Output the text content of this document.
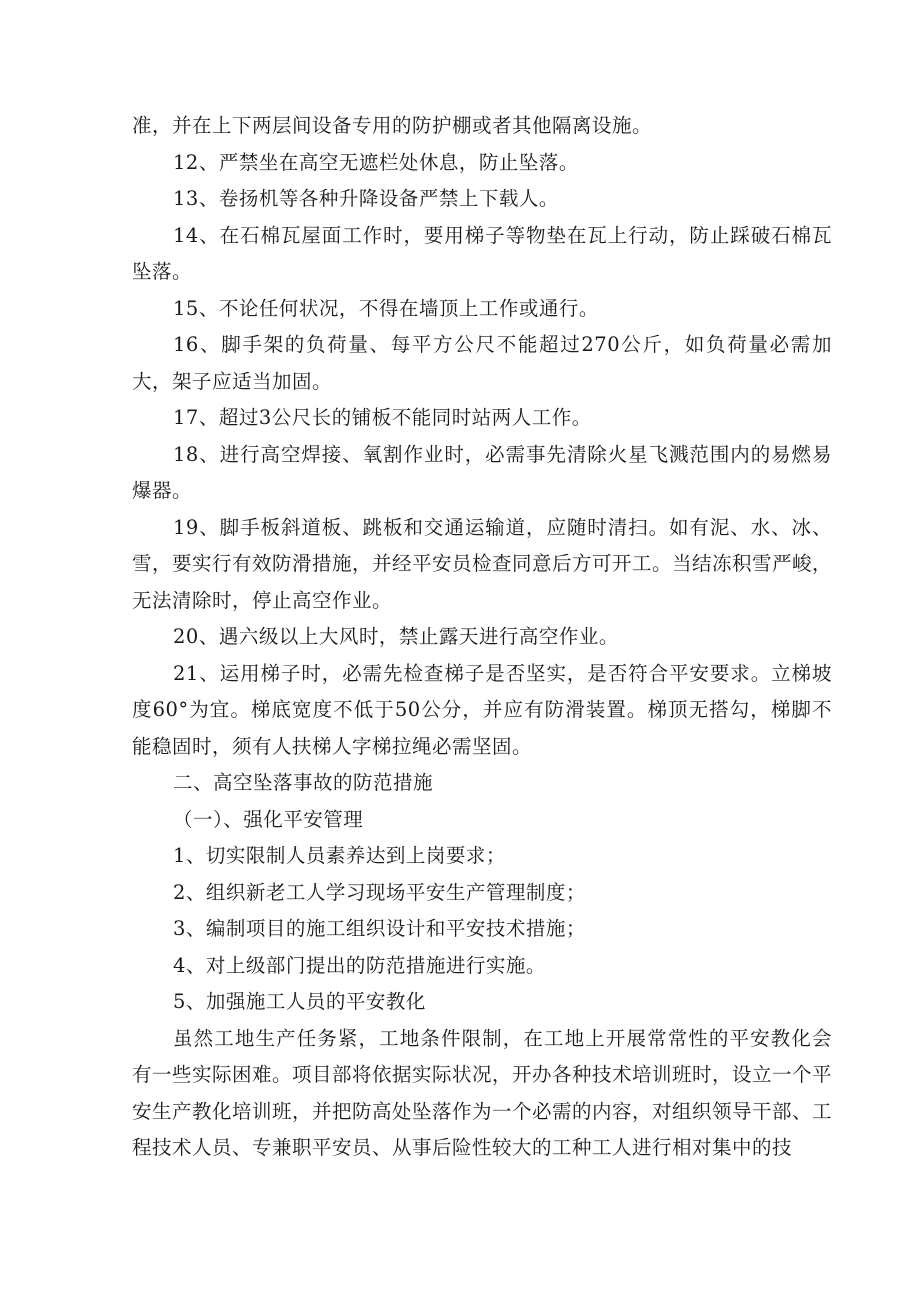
准，并在上下两层间设备专用的防护棚或者其他隔离设施。

12、严禁坐在高空无遮栏处休息，防止坠落。

13、卷扬机等各种升降设备严禁上下载人。

14、在石棉瓦屋面工作时，要用梯子等物垫在瓦上行动，防止踩破石棉瓦坠落。

15、不论任何状况，不得在墙顶上工作或通行。

16、脚手架的负荷量、每平方公尺不能超过270公斤，如负荷量必需加大，架子应适当加固。

17、超过3公尺长的铺板不能同时站两人工作。

18、进行高空焊接、氧割作业时，必需事先清除火星飞溅范围内的易燃易爆器。

19、脚手板斜道板、跳板和交通运输道，应随时清扫。如有泥、水、冰、雪，要实行有效防滑措施，并经平安员检查同意后方可开工。当结冻积雪严峻，无法清除时，停止高空作业。

20、遇六级以上大风时，禁止露天进行高空作业。

21、运用梯子时，必需先检查梯子是否坚实，是否符合平安要求。立梯坡度60°为宜。梯底宽度不低于50公分，并应有防滑装置。梯顶无搭勾，梯脚不能稳固时，须有人扶梯人字梯拉绳必需坚固。

二、高空坠落事故的防范措施

（一）、强化平安管理

1、切实限制人员素养达到上岗要求；

2、组织新老工人学习现场平安生产管理制度；

3、编制项目的施工组织设计和平安技术措施；

4、对上级部门提出的防范措施进行实施。

5、加强施工人员的平安教化

虽然工地生产任务紧，工地条件限制，在工地上开展常常性的平安教化会有一些实际困难。项目部将依据实际状况，开办各种技术培训班时，设立一个平安生产教化培训班，并把防高处坠落作为一个必需的内容，对组织领导干部、工程技术人员、专兼职平安员、从事后险性较大的工种工人进行相对集中的技
